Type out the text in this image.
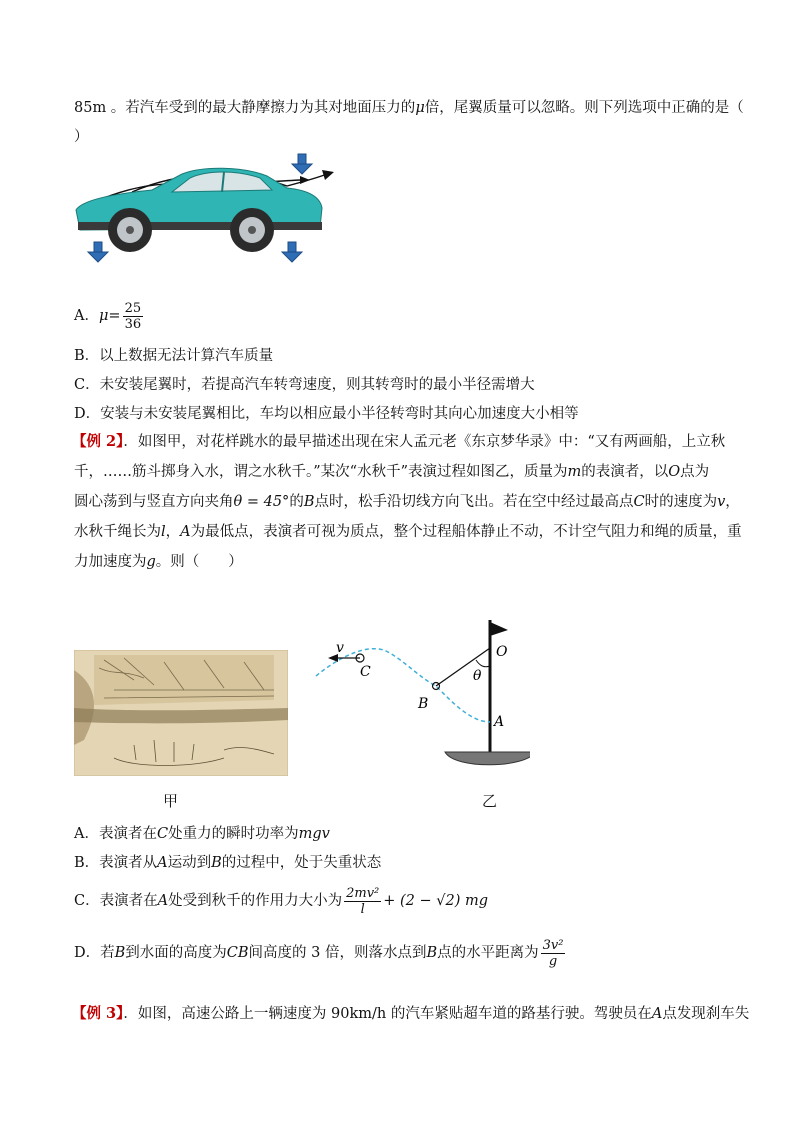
85m 。若汽车受到的最大静摩擦力为其对地面压力的μ倍，尾翼质量可以忽略。则下列选项中正确的是（
）
A．$\mu= \frac{25}{36}$
B．以上数据无法计算汽车质量
C．未安装尾翼时，若提高汽车转弯速度，则其转弯时的最小半径需增大
D．安装与未安装尾翼相比，车均以相应最小半径转弯时其向心加速度大小相等
【例 2】．如图甲，对花样跳水的最早描述出现在宋人孟元老《东京梦华录》中：“又有两画船，上立秋
千，……筋斗掷身入水，谓之水秋千。”某次“水秋千”表演过程如图乙，质量为m的表演者，以O点为
圆心荡到与竖直方向夹角θ = 45°的B点时，松手沿切线方向飞出。若在空中经过最高点C时的速度为v，
水秋千绳长为l，A为最低点，表演者可视为质点，整个过程船体静止不动，不计空气阻力和绳的质量，重
力加速度为g。则（　　）
甲
v
C
O
θ
B
A
乙
A．表演者在C处重力的瞬时功率为mgv
B．表演者从A运动到B的过程中，处于失重状态
C．表演者在A处受到秋千的作用力大小为 $\frac{\text{2mv²}}{l} + (2 - √2)$ mg
D．若B到水面的高度为CB间高度的 3 倍，则落水点到B点的水平距离为 $\frac{\text{3v²}}{g}$
【例 3】．如图，高速公路上一辆速度为 90km/h 的汽车紧贴超车道的路基行驶。驾驶员在A点发现刹车失
